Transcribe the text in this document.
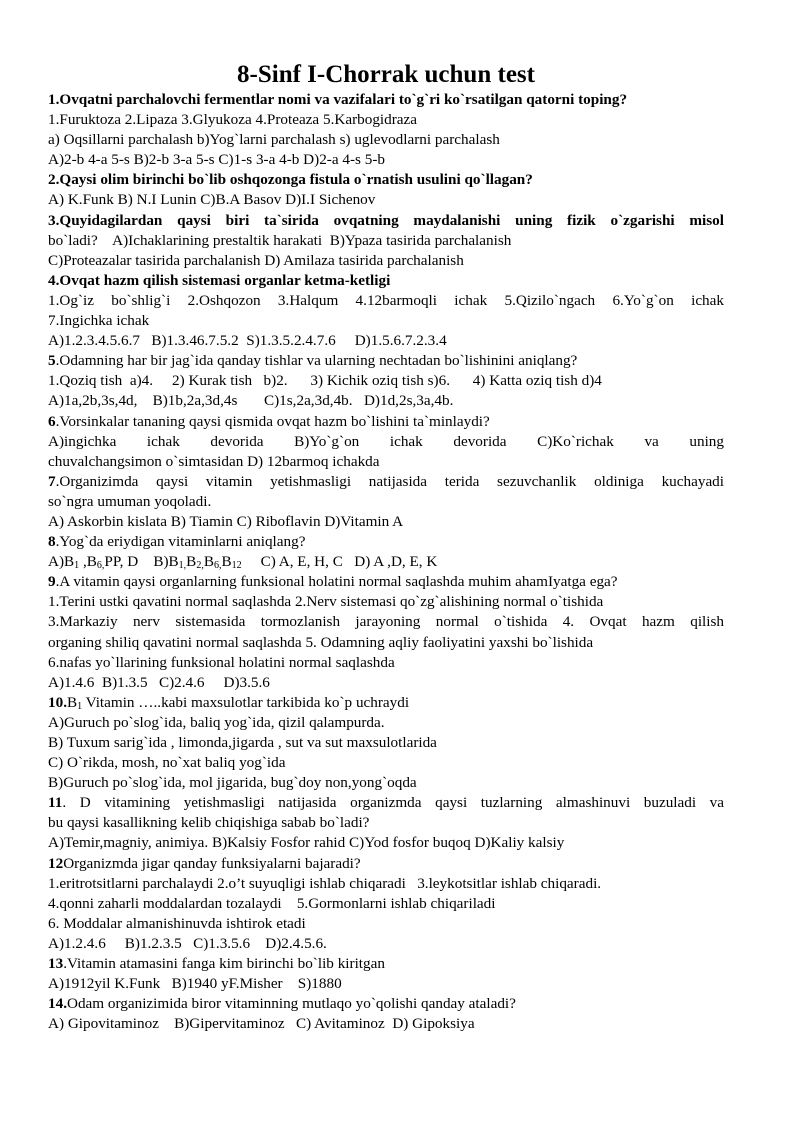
8-Sinf I-Chorrak uchun test
1.Ovqatni parchalovchi fermentlar nomi va vazifalari to`g`ri ko`rsatilgan qatorni toping?
1.Furuktoza 2.Lipaza 3.Glyukoza 4.Proteaza 5.Karbogidraza
a) Oqsillarni parchalash b)Yog`larni parchalash s) uglevodlarni parchalash
A)2-b 4-a 5-s B)2-b 3-a 5-s C)1-s 3-a 4-b D)2-a 4-s 5-b
2.Qaysi olim birinchi bo`lib oshqozonga fistula o`rnatish usulini qo`llagan?
A) K.Funk B) N.I Lunin C)B.A Basov D)I.I Sichenov
3.Quyidagilardan qaysi biri ta`sirida ovqatning maydalanishi uning fizik o`zgarishi misol
bo`ladi?    A)Ichaklarining prestaltik harakati  B)Ypaza tasirida parchalanish
C)Proteazalar tasirida parchalanish D) Amilaza tasirida parchalanish
4.Ovqat hazm qilish sistemasi organlar ketma-ketligi
1.Og`iz bo`shlig`i 2.Oshqozon 3.Halqum 4.12barmoqli ichak 5.Qizilo`ngach 6.Yo`g`on ichak
7.Ingichka ichak
A)1.2.3.4.5.6.7   B)1.3.46.7.5.2  S)1.3.5.2.4.7.6     D)1.5.6.7.2.3.4
5.Odamning har bir jag`ida qanday tishlar va ularning nechtadan bo`lishinini aniqlang?
1.Qoziq tish  a)4.     2) Kurak tish   b)2.      3) Kichik oziq tish s)6.      4) Katta oziq tish d)4
A)1a,2b,3s,4d,    B)1b,2a,3d,4s       C)1s,2a,3d,4b.   D)1d,2s,3a,4b.
6.Vorsinkalar tananing qaysi qismida ovqat hazm bo`lishini ta`minlaydi?
A)ingichka ichak devorida B)Yo`g`on ichak devorida C)Ko`richak va uning
chuvalchangsimon o`simtasidan D) 12barmoq ichakda
7.Organizimda qaysi vitamin yetishmasligi natijasida terida sezuvchanlik oldiniga kuchayadi
so`ngra umuman yoqoladi.
A) Askorbin kislata B) Tiamin C) Riboflavin D)Vitamin A
8.Yog`da eriydigan vitaminlarni aniqlang?
$A)B_1$ $,B_{6,}PP$, D    $B)B_{1,}B_{2,}B_{6,}B_{12}$     C) A, E, H, C   D) A ,D, E, K
9.A vitamin qaysi organlarning funksional holatini normal saqlashda muhim ahamIyatga ega?
1.Terini ustki qavatini normal saqlashda 2.Nerv sistemasi qo`zg`alishining normal o`tishida
3.Markaziy nerv sistemasida tormozlanish jarayoning normal o`tishida 4. Ovqat hazm qilish
organing shiliq qavatini normal saqlashda 5. Odamning aqliy faoliyatini yaxshi bo`lishida
6.nafas yo`llarining funksional holatini normal saqlashda
A)1.4.6  B)1.3.5   C)2.4.6     D)3.5.6
$10.B_1$ Vitamin …..kabi maxsulotlar tarkibida ko`p uchraydi
A)Guruch po`slog`ida, baliq yog`ida, qizil qalampurda.
B) Tuxum sarig`ida , limonda,jigarda , sut va sut maxsulotlarida
C) O`rikda, mosh, no`xat baliq yog`ida
B)Guruch po`slog`ida, mol jigarida, bug`doy non,yong`oqda
11. D vitamining yetishmasligi natijasida organizmda qaysi tuzlarning almashinuvi buzuladi va
bu qaysi kasallikning kelib chiqishiga sabab bo`ladi?
A)Temir,magniy, animiya. B)Kalsiy Fosfor rahid C)Yod fosfor buqoq D)Kaliy kalsiy
12Organizmda jigar qanday funksiyalarni bajaradi?
1.eritrotsitlarni parchalaydi 2.o’t suyuqligi ishlab chiqaradi   3.leykotsitlar ishlab chiqaradi.
4.qonni zaharli moddalardan tozalaydi    5.Gormonlarni ishlab chiqariladi
6. Moddalar almanishinuvda ishtirok etadi
A)1.2.4.6     B)1.2.3.5   C)1.3.5.6    D)2.4.5.6.
13.Vitamin atamasini fanga kim birinchi bo`lib kiritgan
A)1912yil K.Funk   B)1940 yF.Misher    S)1880
14.Odam organizimida biror vitaminning mutlaqo yo`qolishi qanday ataladi?
A) Gipovitaminoz    B)Gipervitaminoz   C) Avitaminoz  D) Gipoksiya
